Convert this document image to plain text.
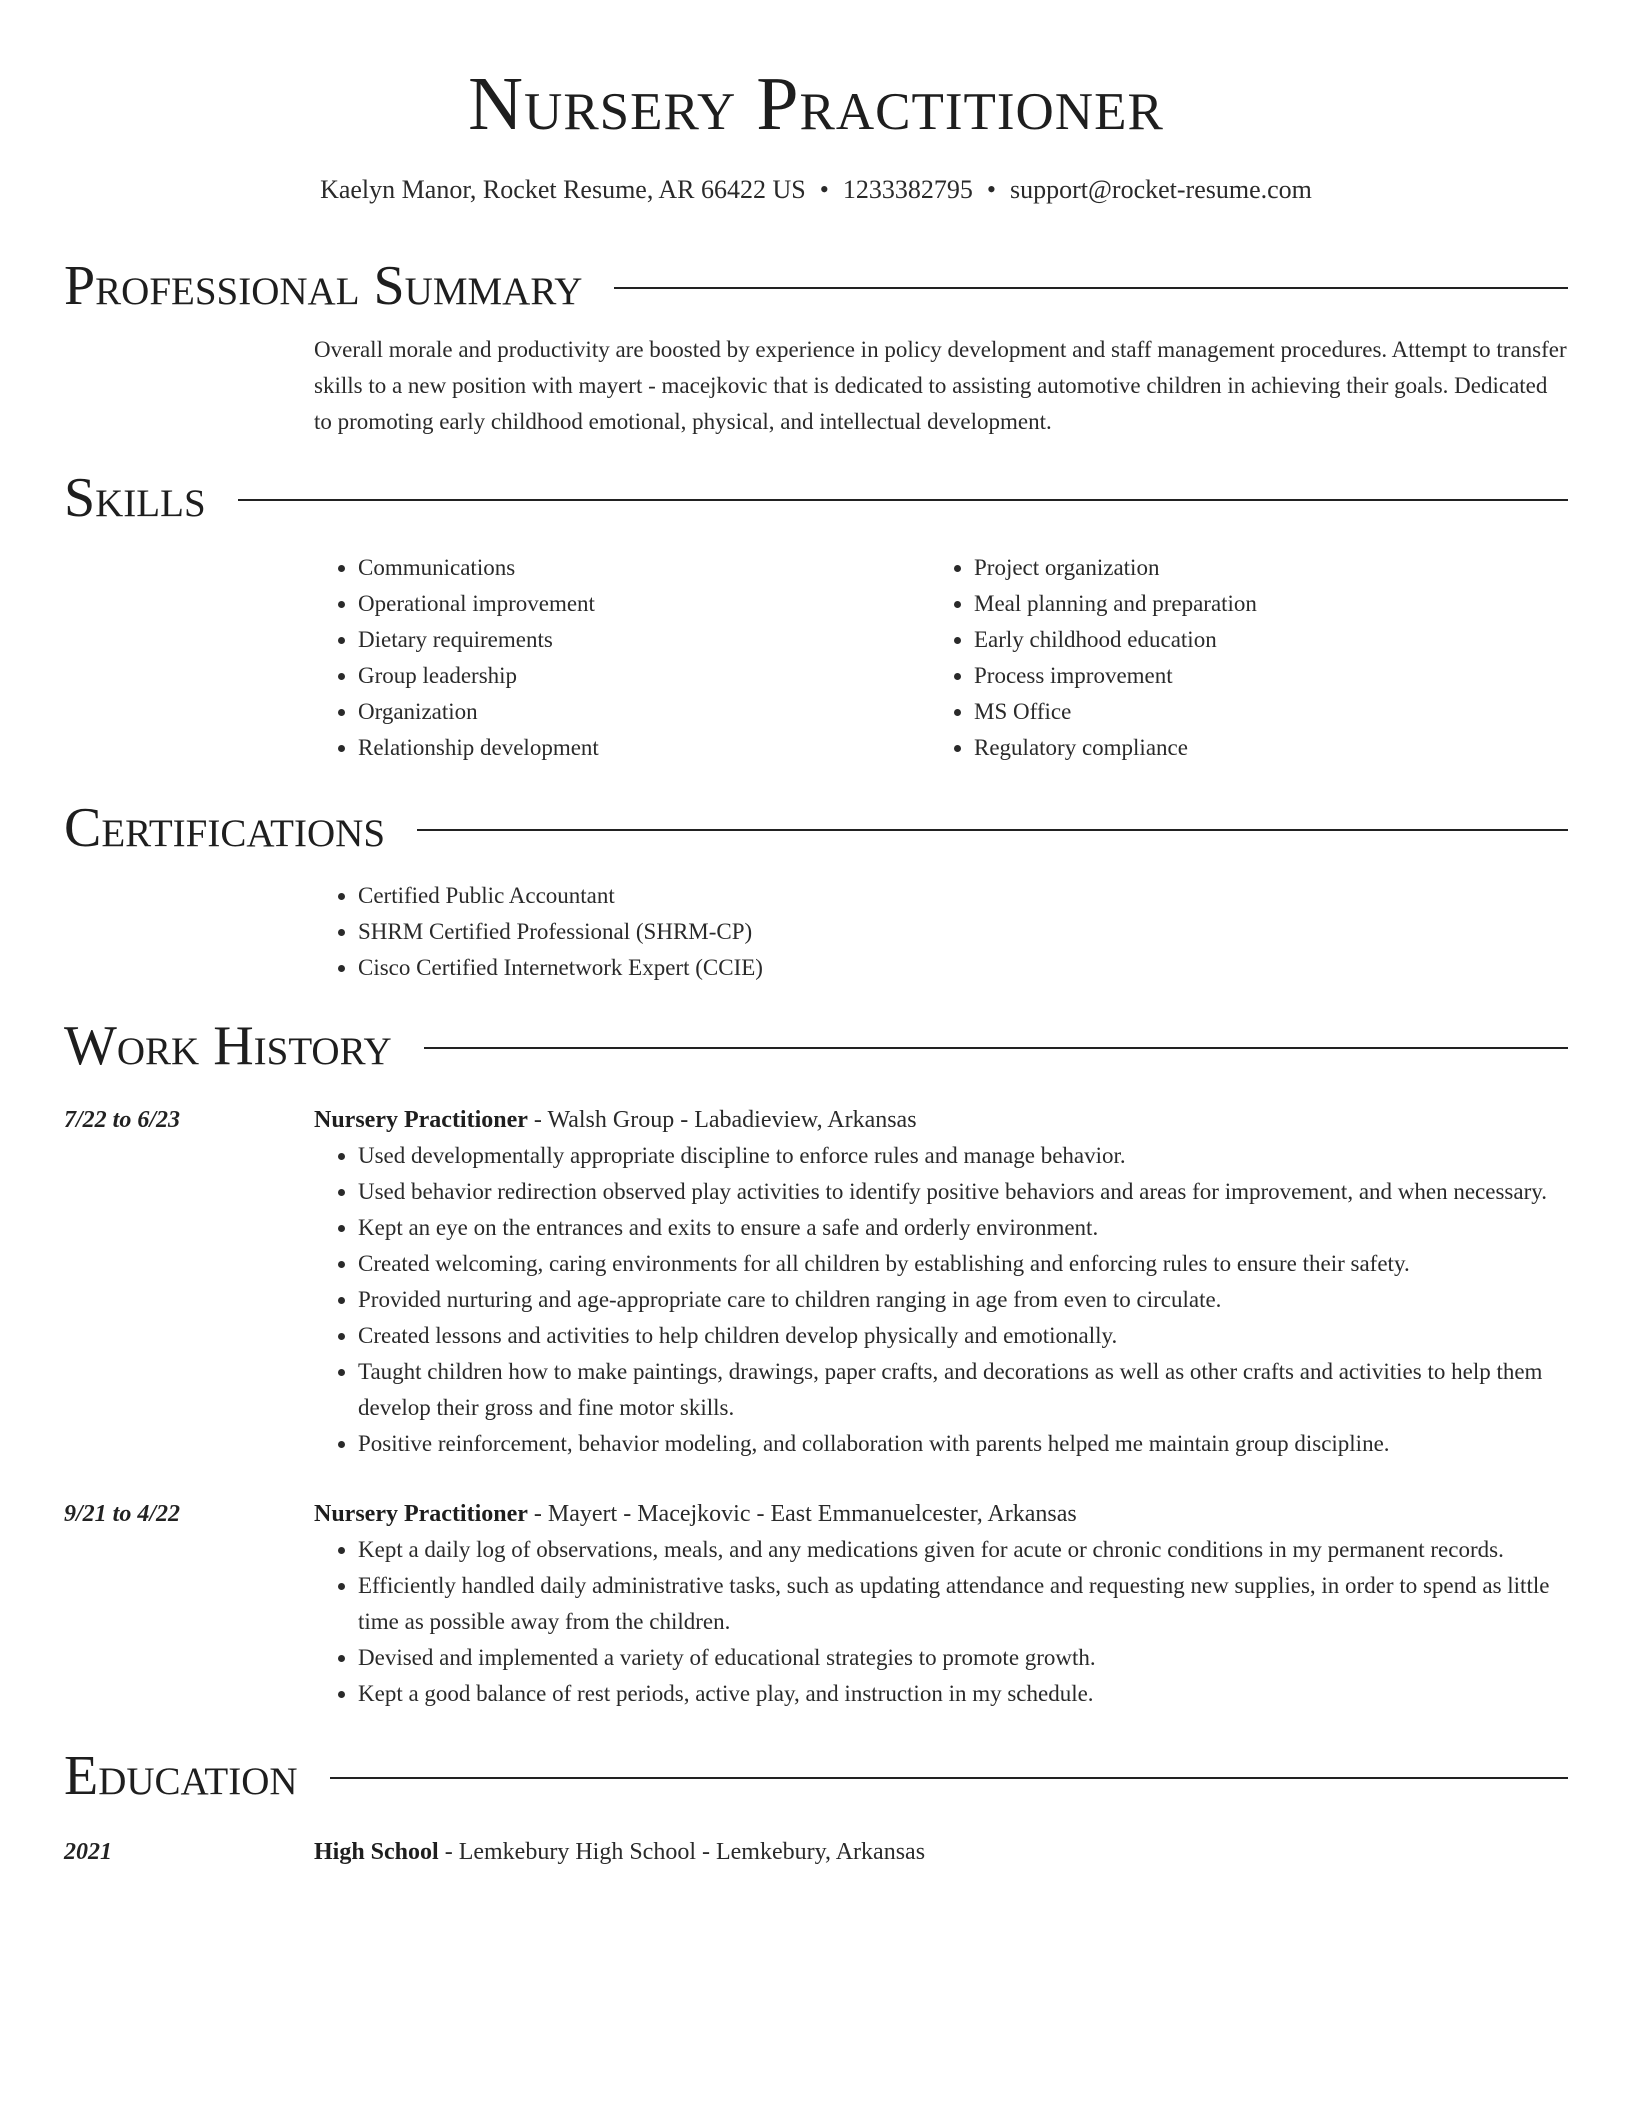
Nursery Practitioner
Kaelyn Manor, Rocket Resume, AR 66422 US • 1233382795 • support@rocket-resume.com
Professional Summary

Overall morale and productivity are boosted by experience in policy development and staff management procedures. Attempt to transfer skills to a new position with mayert - macejkovic that is dedicated to assisting automotive children in achieving their goals. Dedicated to promoting early childhood emotional, physical, and intellectual development.

Skills
• Communications
• Operational improvement
• Dietary requirements
• Group leadership
• Organization
• Relationship development
• Project organization
• Meal planning and preparation
• Early childhood education
• Process improvement
• MS Office
• Regulatory compliance
Certifications
• Certified Public Accountant
• SHRM Certified Professional (SHRM-CP)
• Cisco Certified Internetwork Expert (CCIE)
Work History
7/22 to 6/23	Nursery Practitioner - Walsh Group - Labadieview, Arkansas
• Used developmentally appropriate discipline to enforce rules and manage behavior.
• Used behavior redirection observed play activities to identify positive behaviors and areas for improvement, and when necessary.
• Kept an eye on the entrances and exits to ensure a safe and orderly environment.
• Created welcoming, caring environments for all children by establishing and enforcing rules to ensure their safety.
• Provided nurturing and age-appropriate care to children ranging in age from even to circulate.
• Created lessons and activities to help children develop physically and emotionally.
• Taught children how to make paintings, drawings, paper crafts, and decorations as well as other crafts and activities to help them develop their gross and fine motor skills.
• Positive reinforcement, behavior modeling, and collaboration with parents helped me maintain group discipline.
9/21 to 4/22	Nursery Practitioner - Mayert - Macejkovic - East Emmanuelcester, Arkansas
• Kept a daily log of observations, meals, and any medications given for acute or chronic conditions in my permanent records.
• Efficiently handled daily administrative tasks, such as updating attendance and requesting new supplies, in order to spend as little time as possible away from the children.
• Devised and implemented a variety of educational strategies to promote growth.
• Kept a good balance of rest periods, active play, and instruction in my schedule.
Education
2021	High School - Lemkebury High School - Lemkebury, Arkansas
